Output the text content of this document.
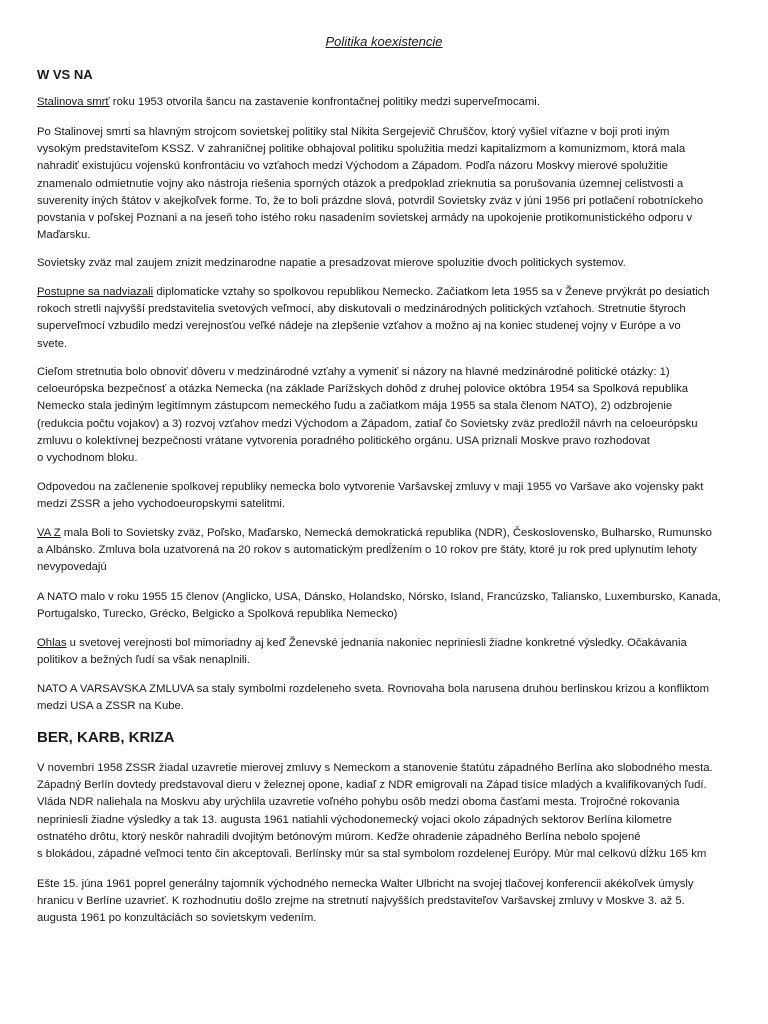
Politika koexistencie
W VS NA
BER, KARB, KRIZA
Stalinova smrť roku 1953 otvorila šancu na zastavenie konfrontačnej politiky medzi superveľmocami.
Po Stalinovej smrti sa hlavným strojcom sovietskej politiky stal Nikita Sergejevič Chruščov, ktorý vyšiel víťazne v boji proti iným
vysokým predstaviteľom KSSZ. V zahraničnej politike obhajoval politiku spolužitia medzi kapitalizmom a komunizmom, ktorá mala
nahradiť existujúcu vojenskú konfrontáciu vo vzťahoch medzi Východom a Západom. Podľa názoru Moskvy mierové spolužitie
znamenalo odmietnutie vojny ako nástroja riešenia sporných otázok a predpoklad zrieknutia sa porušovania územnej celistvosti a
suverenity iných štátov v akejkoľvek forme. To, že to boli prázdne slová, potvrdil Sovietsky zväz v júni 1956 pri potlačení robotníckeho
povstania v poľskej Poznani a na jeseň toho istého roku nasadením sovietskej armády na upokojenie protikomunistického odporu v
Maďarsku.
Sovietsky zväz mal zaujem znizit medzinarodne napatie a presadzovat mierove spoluzitie dvoch politickych systemov.
Postupne sa nadviazali diplomaticke vztahy so spolkovou republikou Nemecko. Začiatkom leta 1955 sa v Ženeve prvýkrát po desiatich
rokoch stretli najvyšší predstavitelia svetových veľmocí, aby diskutovali o medzinárodných politických vzťahoch. Stretnutie štyroch
superveľmocí vzbudilo medzi verejnosťou veľké nádeje na zlepšenie vzťahov a možno aj na koniec studenej vojny v Európe a vo
svete.
Cieľom stretnutia bolo obnoviť dôveru v medzinárodné vzťahy a vymeniť si názory na hlavné medzinárodné politické otázky: 1)
celoeurópska bezpečnosť a otázka Nemecka (na základe Parížskych dohôd z druhej polovice októbra 1954 sa Spolková republika
Nemecko stala jediným legitímnym zástupcom nemeckého ľudu a začiatkom mája 1955 sa stala členom NATO), 2) odzbrojenie
(redukcia počtu vojakov) a 3) rozvoj vzťahov medzi Východom a Západom, zatiaľ čo Sovietsky zväz predložil návrh na celoeurópsku
zmluvu o kolektívnej bezpečnosti vrátane vytvorenia poradného politického orgánu. USA priznali Moskve pravo rozhodovat
o vychodnom bloku.
Odpovedou na začlenenie spolkovej republiky nemecka bolo vytvorenie Varšavskej zmluvy v maji 1955 vo Varšave ako vojensky pakt
medzi ZSSR a jeho vychodoeuropskymi satelitmi.
VA Z mala Boli to Sovietsky zväz, Poľsko, Maďarsko, Nemecká demokratická republika (NDR), Československo, Bulharsko, Rumunsko
a Albánsko. Zmluva bola uzatvorená na 20 rokov s automatickým predĺžením o 10 rokov pre štáty, ktoré ju rok pred uplynutím lehoty
nevypovedajú
A NATO malo v roku 1955 15 členov (Anglicko, USA, Dánsko, Holandsko, Nórsko, Island, Francúzsko, Taliansko, Luxembursko, Kanada,
Portugalsko, Turecko, Grécko, Belgicko a Spolková republika Nemecko)
Ohlas u svetovej verejnosti bol mimoriadny aj keď Ženevské jednania nakoniec nepriniesli žiadne konkretné výsledky. Očakávania
politikov a bežných ľudí sa však nenaplnili.
NATO A VARSAVSKA ZMLUVA sa staly symbolmi rozdeleneho sveta. Rovnovaha bola narusena druhou berlinskou krizou a konfliktom
medzi USA a ZSSR na Kube.
V novembri 1958 ZSSR žiadal uzavretie mierovej zmluvy s Nemeckom a stanovenie štatútu západného Berlína ako slobodného mesta.
Západný Berlín dovtedy predstavoval dieru v železnej opone, kadiaľ z NDR emigrovali na Západ tisíce mladých a kvalifikovaných ľudí.
Vláda NDR naliehala na Moskvu aby urýchlila uzavretie voľného pohybu osôb medzi oboma časťami mesta. Trojročné rokovania
nepriniesli žiadne výsledky a tak 13. augusta 1961 natiahli východonemecký vojaci okolo západných sektorov Berlína kilometre
ostnatého drôtu, ktorý neskôr nahradili dvojitým betónovým múrom. Keďže ohradenie západného Berlína nebolo spojené
s blokádou, západné veľmoci tento čin akceptovali. Berlínsky múr sa stal symbolom rozdelenej Európy. Múr mal celkovú dĺžku 165 km
Ešte 15. júna 1961 poprel generálny tajomník východného nemecka Walter Ulbricht na svojej tlačovej konferencii akékoľvek úmysly
hranicu v Berlíne uzavrieť. K rozhodnutiu došlo zrejme na stretnutí najvyšších predstaviteľov Varšavskej zmluvy v Moskve 3. až 5.
augusta 1961 po konzultáciách so sovietskym vedením.
